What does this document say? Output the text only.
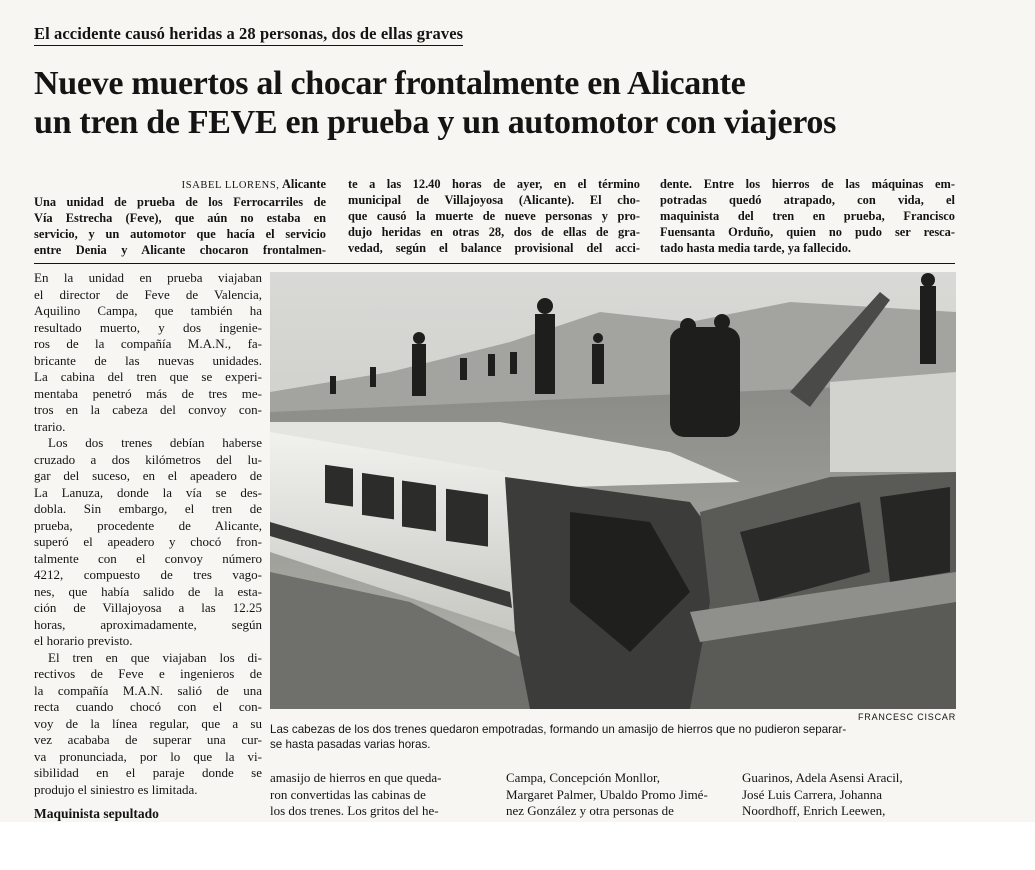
El accidente causó heridas a 28 personas, dos de ellas graves
Nueve muertos al chocar frontalmente en Alicante
un tren de FEVE en prueba y un automotor con viajeros
ISABEL LLORENS, Alicante
Una unidad de prueba de los Ferrocarriles de
Vía Estrecha (Feve), que aún no estaba en
servicio, y un automotor que hacía el servicio
entre Denia y Alicante chocaron frontalmen-
te a las 12.40 horas de ayer, en el término
municipal de Villajoyosa (Alicante). El cho-
que causó la muerte de nueve personas y pro-
dujo heridas en otras 28, dos de ellas de gra-
vedad, según el balance provisional del acci-
dente. Entre los hierros de las máquinas em-
potradas quedó atrapado, con vida, el
maquinista del tren en prueba, Francisco
Fuensanta Orduño, quien no pudo ser resca-
tado hasta media tarde, ya fallecido.
En la unidad en prueba viajaban
el director de Feve de Valencia,
Aquilino Campa, que también ha
resultado muerto, y dos ingenie-
ros de la compañía M.A.N., fa-
bricante de las nuevas unidades.
La cabina del tren que se experi-
mentaba penetró más de tres me-
tros en la cabeza del convoy con-
trario.
Los dos trenes debían haberse
cruzado a dos kilómetros del lu-
gar del suceso, en el apeadero de
La Lanuza, donde la vía se des-
dobla. Sin embargo, el tren de
prueba, procedente de Alicante,
superó el apeadero y chocó fron-
talmente con el convoy número
4212, compuesto de tres vago-
nes, que había salido de la esta-
ción de Villajoyosa a las 12.25
horas, aproximadamente, según
el horario previsto.
El tren en que viajaban los di-
rectivos de Feve e ingenieros de
la compañía M.A.N. salió de una
recta cuando chocó con el con-
voy de la línea regular, que a su
vez acababa de superar una cur-
va pronunciada, por lo que la vi-
sibilidad en el paraje donde se
produjo el siniestro es limitada.
Maquinista sepultado
FRANCESC CISCAR
Las cabezas de los dos trenes quedaron empotradas, formando un amasijo de hierros que no pudieron separar-
se hasta pasadas varias horas.
amasijo de hierros en que queda-
ron convertidas las cabinas de
los dos trenes. Los gritos del he-
Campa, Concepción Monllor,
Margaret Palmer, Ubaldo Promo Jimé-
nez González y otra personas de
Guarinos, Adela Asensi Aracil,
José Luis Carrera, Johanna
Noordhoff, Enrich Leewen,
